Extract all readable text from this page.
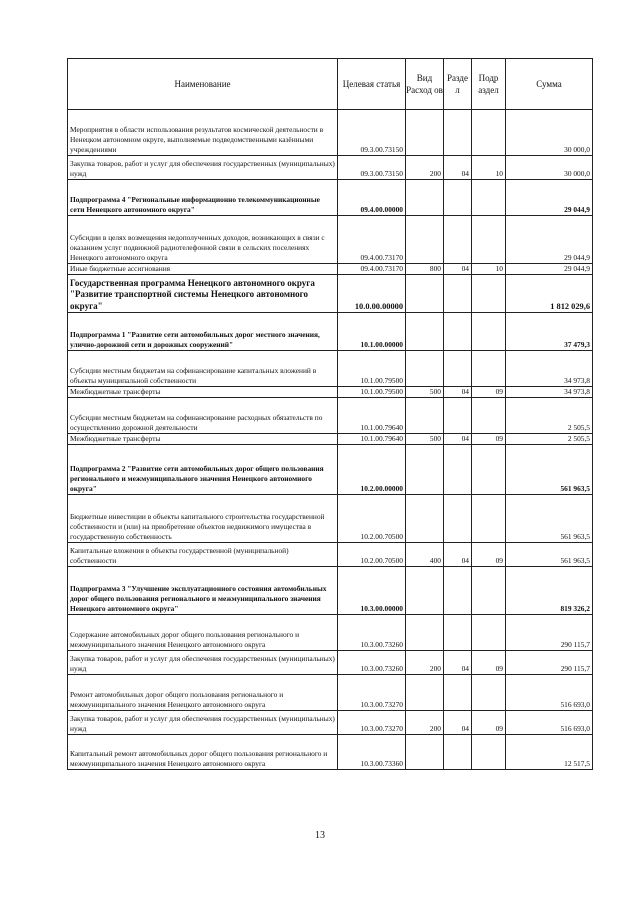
Наименование	Целевая статья	Вид Расход ов	Разде л	Подр аздел	Сумма
Мероприятия в области использования результатов космической деятельности в Ненецком автономном округе, выполняемые подведомственными казёнными учреждениями	09.3.00.73150				30 000,0
Закупка товаров, работ и услуг для обеспечения государственных (муниципальных) нужд	09.3.00.73150	200	04	10	30 000,0
Подпрограмма 4 "Региональные информационно телекоммуникационные сети Ненецкого автономного округа"	09.4.00.00000				29 044,9
Субсидии в целях возмещения недополученных доходов, возникающих в связи с оказанием услуг подвижной радиотелефонной связи в сельских поселениях Ненецкого автономного округа	09.4.00.73170				29 044,9
Иные бюджетные ассигнования	09.4.00.73170	800	04	10	29 044,9
Государственная программа Ненецкого автономного округа "Развитие транспортной системы Ненецкого автономного округа"	10.0.00.00000				1 812 029,6
Подпрограмма 1 "Развитие сети автомобильных дорог местного значения, улично-дорожной сети и дорожных сооружений"	10.1.00.00000				37 479,3
Субсидии местным бюджетам на софинансирование капитальных вложений в объекты муниципальной собственности	10.1.00.79500				34 973,8
Межбюджетные трансферты	10.1.00.79500	500	04	09	34 973,8
Субсидии местным бюджетам на софинансирование расходных обязательств по осуществлению дорожной деятельности	10.1.00.79640				2 505,5
Межбюджетные трансферты	10.1.00.79640	500	04	09	2 505,5
Подпрограмма 2 "Развитие сети автомобильных дорог общего пользования регионального и межмуниципального значения Ненецкого автономного округа"	10.2.00.00000				561 963,5
Бюджетные инвестиции в объекты капитального строительства государственной собственности и (или) на приобретение объектов недвижимого имущества в государственную собственность	10.2.00.70500				561 963,5
Капитальные вложения в объекты государственной (муниципальной) собственности	10.2.00.70500	400	04	09	561 963,5
Подпрограмма 3 "Улучшение эксплуатационного состояния автомобильных дорог общего пользования регионального и межмуниципального значения Ненецкого автономного округа"	10.3.00.00000				819 326,2
Содержание автомобильных дорог общего пользования регионального и межмуниципального значения Ненецкого автономного округа	10.3.00.73260				290 115,7
Закупка товаров, работ и услуг для обеспечения государственных (муниципальных) нужд	10.3.00.73260	200	04	09	290 115,7
Ремонт автомобильных дорог общего пользования регионального и межмуниципального значения Ненецкого автономного округа	10.3.00.73270				516 693,0
Закупка товаров, работ и услуг для обеспечения государственных (муниципальных) нужд	10.3.00.73270	200	04	09	516 693,0
Капитальный ремонт автомобильных дорог общего пользования регионального и межмуниципального значения Ненецкого автономного округа	10.3.00.73360				12 517,5
13
